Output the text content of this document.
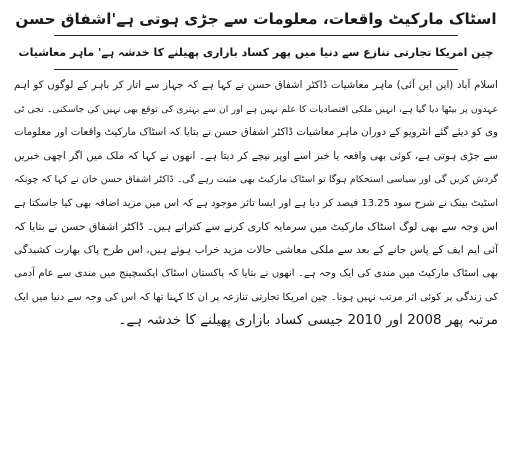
اسٹاک مارکیٹ واقعات، معلومات سے جڑی ہوتی ہے'اشفاق حسن
چین امریکا تجارتی تنازع سے دنیا میں پھر کساد بازاری پھیلنے کا خدشہ ہے' ماہر معاشیات
اسلام آباد (این این آئی) ماہر معاشیات ڈاکٹر اشفاق حسن نے کہا ہے کہ جہاز سے اتار کر باہر کے لوگوں کو اہم
عہدوں پر بیٹھا دیا گیا ہے، انہیں ملکی اقتصادیات کا علم نہیں ہے اور ان سے بہتری کی توقع بھی نہیں کی جاسکتی۔ نجی ٹی
وی کو دیئے گئے انٹرویو کے دوران ماہر معاشیات ڈاکٹر اشفاق حسن نے بتایا کہ اسٹاک مارکیٹ واقعات اور معلومات
سے جڑی ہوتی ہے، کوئی بھی واقعہ یا خبر اسے اوپر نیچے کر دیتا ہے۔ انھوں نے کہا کہ ملک میں اگر اچھی خبریں
گردش کریں گی اور سیاسی استحکام ہوگا تو اسٹاک مارکیٹ بھی مثبت رہے گی۔ ڈاکٹر اشفاق حسن خان نے کہا کہ چونکہ
اسٹیٹ بینک نے شرح سود 13.25 فیصد کر دیا ہے اور ایسا تاثر موجود ہے کہ اس میں مزید اضافہ بھی کیا جاسکتا ہے
اس وجہ سے بھی لوگ اسٹاک مارکیٹ میں سرمایہ کاری کرنے سے کتراتے ہیں۔ ڈاکٹر اشفاق حسن نے بتایا کہ
آئی ایم ایف کے پاس جانے کے بعد سے ملکی معاشی حالات مزید خراب ہوئے ہیں، اس طرح پاک بھارت کشیدگی
بھی اسٹاک مارکیٹ میں مندی کی ایک وجہ ہے۔ انھوں نے بتایا کہ پاکستان اسٹاک ایکسچینج میں مندی سے عام آدمی
کی زندگی پر کوئی اثر مرتب نہیں ہوتا۔ چین امریکا تجارتی تنازعہ پر ان کا کہنا تھا کہ اس کی وجہ سے دنیا میں ایک
مرتبہ پھر 2008 اور 2010 جیسی کساد بازاری پھیلنے کا خدشہ ہے۔
